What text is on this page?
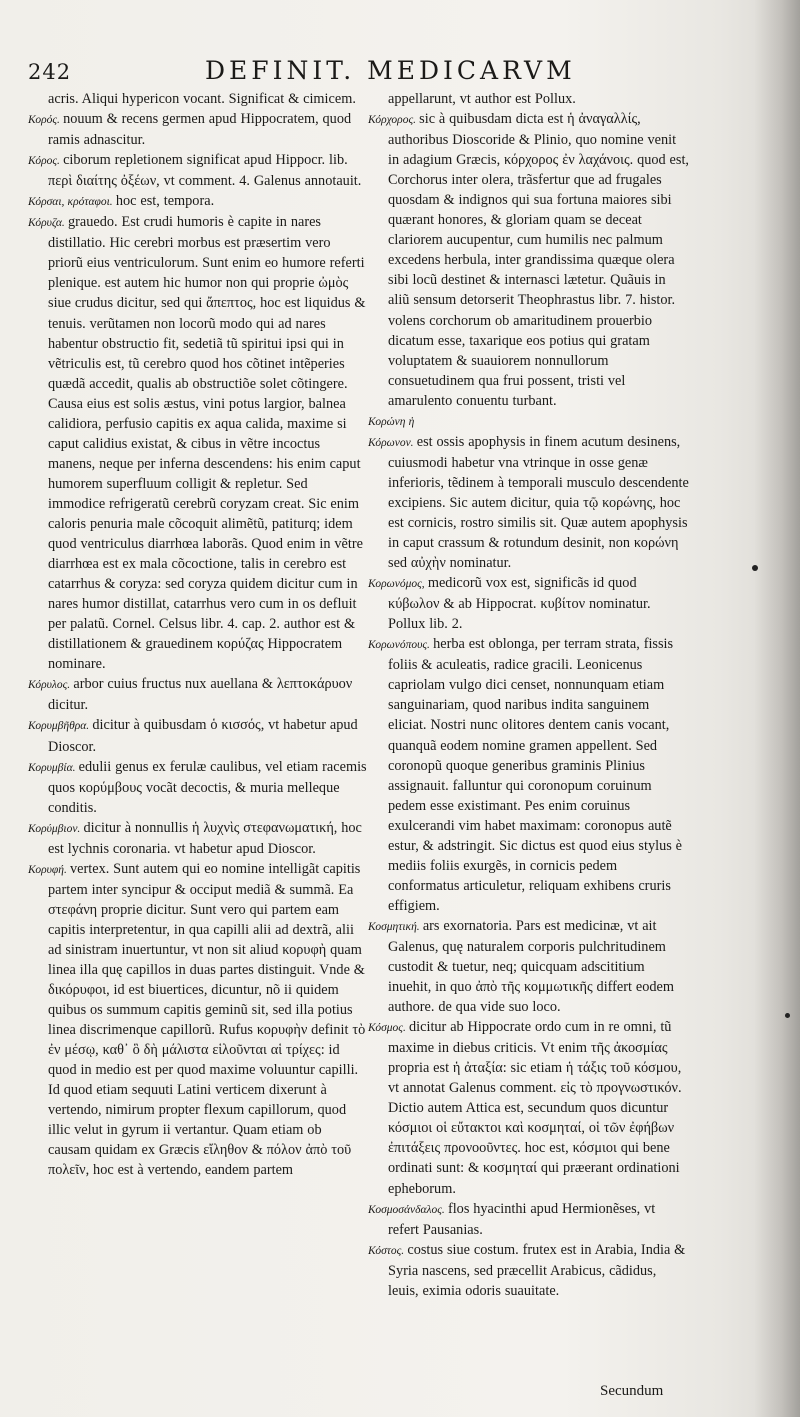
242	DEFINIT. MEDICARVM

acris. Aliqui hypericon vocant. Significat & cimicem.

Κορός. nouum & recens germen apud Hippocratem, quod ramis adnascitur.

Κόρος. ciborum repletionem significat apud Hippocr. lib. περὶ διαίτης ὀξέων, vt comment. 4. Galenus annotauit.

Κόρσαι, κρόταφοι. hoc est, tempora.

Κόρυζα. grauedo. Est crudi humoris è capite in nares distillatio. Hic cerebri morbus est præsertim vero priorũ eius ventriculorum. Sunt enim eo humore referti plenique. est autem hic humor non qui proprie ὠμὸς siue crudus dicitur, sed qui ἄπεπτος, hoc est liquidus & tenuis. verũtamen non locorũ modo qui ad nares habentur obstructio fit, sedetiã tũ spiritui ipsi qui in vẽtriculis est, tũ cerebro quod hos cõtinet intẽperies quædã accedit, qualis ab obstructiõe solet cõtingere. Causa eius est solis æstus, vini potus largior, balnea calidiora, perfusio capitis ex aqua calida, maxime si caput calidius existat, & cibus in vẽtre incoctus manens, neque per inferna descendens: his enim caput humorem superfluum colligit & repletur. Sed immodice refrigeratũ cerebrũ coryzam creat. Sic enim caloris penuria male cõcoquit alimẽtũ, patiturq; idem quod ventriculus diarrhœa laborãs. Quod enim in vẽtre diarrhœa est ex mala cõcoctione, talis in cerebro est catarrhus & coryza: sed coryza quidem dicitur cum in nares humor distillat, catarrhus vero cum in os defluit per palatũ. Cornel. Celsus libr. 4. cap. 2. author est & distillationem & grauedinem κορύζας Hippocratem nominare.

Κόρυλος. arbor cuius fructus nux auellana & λεπτοκάρυον dicitur.

Κορυμβῆθρα. dicitur à quibusdam ὁ κισσός, vt habetur apud Dioscor.

Κορυμβία. edulii genus ex ferulæ caulibus, vel etiam racemis quos κορύμβους vocãt decoctis, & muria melleque conditis.

Κορύμβιον. dicitur à nonnullis ἡ λυχνὶς στεφανωματική, hoc est lychnis coronaria. vt habetur apud Dioscor.

Κορυφή. vertex. Sunt autem qui eo nomine intelligãt capitis partem inter syncipur & occiput mediã & summã. Ea στεφάνη proprie dicitur. Sunt vero qui partem eam capitis interpretentur, in qua capilli alii ad dextrã, alii ad sinistram inuertuntur, vt non sit aliud κορυφὴ quam linea illa quę capillos in duas partes distinguit. Vnde & δικόρυφοι, id est biuertices, dicuntur, nõ ii quidem quibus os summum capitis geminũ sit, sed illa potius linea discrimenque capillorũ. Rufus κορυφὴν definit τὸ ἐν μέσῳ, καθ᾽ ὃ δὴ μάλιστα εἱλοῦνται αἱ τρίχες: id quod in medio est per quod maxime voluuntur capilli. Id quod etiam sequuti Latini verticem dixerunt à vertendo, nimirum propter flexum capillorum, quod illic velut in gyrum ii vertantur. Quam etiam ob causam quidam ex Græcis εἴληθον & πόλον ἀπὸ τοῦ πολεῖν, hoc est à vertendo, eandem partem

appellarunt, vt author est Pollux.

Κόρχορος. sic à quibusdam dicta est ἡ ἀναγαλλίς, authoribus Dioscoride & Plinio, quo nomine venit in adagium Græcis, κόρχορος ἐν λαχάνοις. quod est, Corchorus inter olera, trãsfertur que ad frugales quosdam & indignos qui sua fortuna maiores sibi quærant honores, & gloriam quam se deceat clariorem aucupentur, cum humilis nec palmum excedens herbula, inter grandissima quæque olera sibi locũ destinet & internasci lætetur. Quãuis in aliũ sensum detorserit Theophrastus libr. 7. histor. volens corchorum ob amaritudinem prouerbio dicatum esse, taxarique eos potius qui gratam voluptatem & suauiorem nonnullorum consuetudinem qua frui possent, tristi vel amarulento conuentu turbant.

Κορώνη ἡ

Κόρωνον. est ossis apophysis in finem acutum desinens, cuiusmodi habetur vna vtrinque in osse genæ inferioris, tẽdinem à temporali musculo descendente excipiens. Sic autem dicitur, quia τῷ κορώνης, hoc est cornicis, rostro similis sit. Quæ autem apophysis in caput crassum & rotundum desinit, non κορώνη sed αὐχὴν nominatur.

Κορωνόμος, medicorũ vox est, significãs id quod κύβωλον & ab Hippocrat. κυβίτον nominatur. Pollux lib. 2.

Κορωνόπους. herba est oblonga, per terram strata, fissis foliis & aculeatis, radice gracili. Leonicenus capriolam vulgo dici censet, nonnunquam etiam sanguinariam, quod naribus indita sanguinem eliciat. Nostri nunc olitores dentem canis vocant, quanquã eodem nomine gramen appellent. Sed coronopũ quoque generibus graminis Plinius assignauit. falluntur qui coronopum coruinum pedem esse existimant. Pes enim coruinus exulcerandi vim habet maximam: coronopus autẽ estur, & adstringit. Sic dictus est quod eius stylus è mediis foliis exurgẽs, in cornicis pedem conformatus articuletur, reliquam exhibens cruris effigiem.

Κοσμητική. ars exornatoria. Pars est medicinæ, vt ait Galenus, quę naturalem corporis pulchritudinem custodit & tuetur, neq; quicquam adscititium inuehit, in quo ἀπὸ τῆς κομμωτικῆς differt eodem authore. de qua vide suo loco.

Κόσμος. dicitur ab Hippocrate ordo cum in re omni, tũ maxime in diebus criticis. Vt enim τῆς ἀκοσμίας propria est ἡ ἀταξία: sic etiam ἡ τάξις τοῦ κόσμου, vt annotat Galenus comment. εἰς τὸ προγνωστικόν. Dictio autem Attica est, secundum quos dicuntur κόσμιοι οἱ εὔτακτοι καὶ κοσμηταί, οἱ τῶν ἐφήβων ἐπιτάξεις προνοοῦντες. hoc est, κόσμιοι qui bene ordinati sunt: & κοσμηταί qui præerant ordinationi epheborum.

Κοσμοσάνδαλος. flos hyacinthi apud Hermionẽses, vt refert Pausanias.

Κόστος. costus siue costum. frutex est in Arabia, India & Syria nascens, sed præcellit Arabicus, cãdidus, leuis, eximia odoris suauitate.

Secundum
